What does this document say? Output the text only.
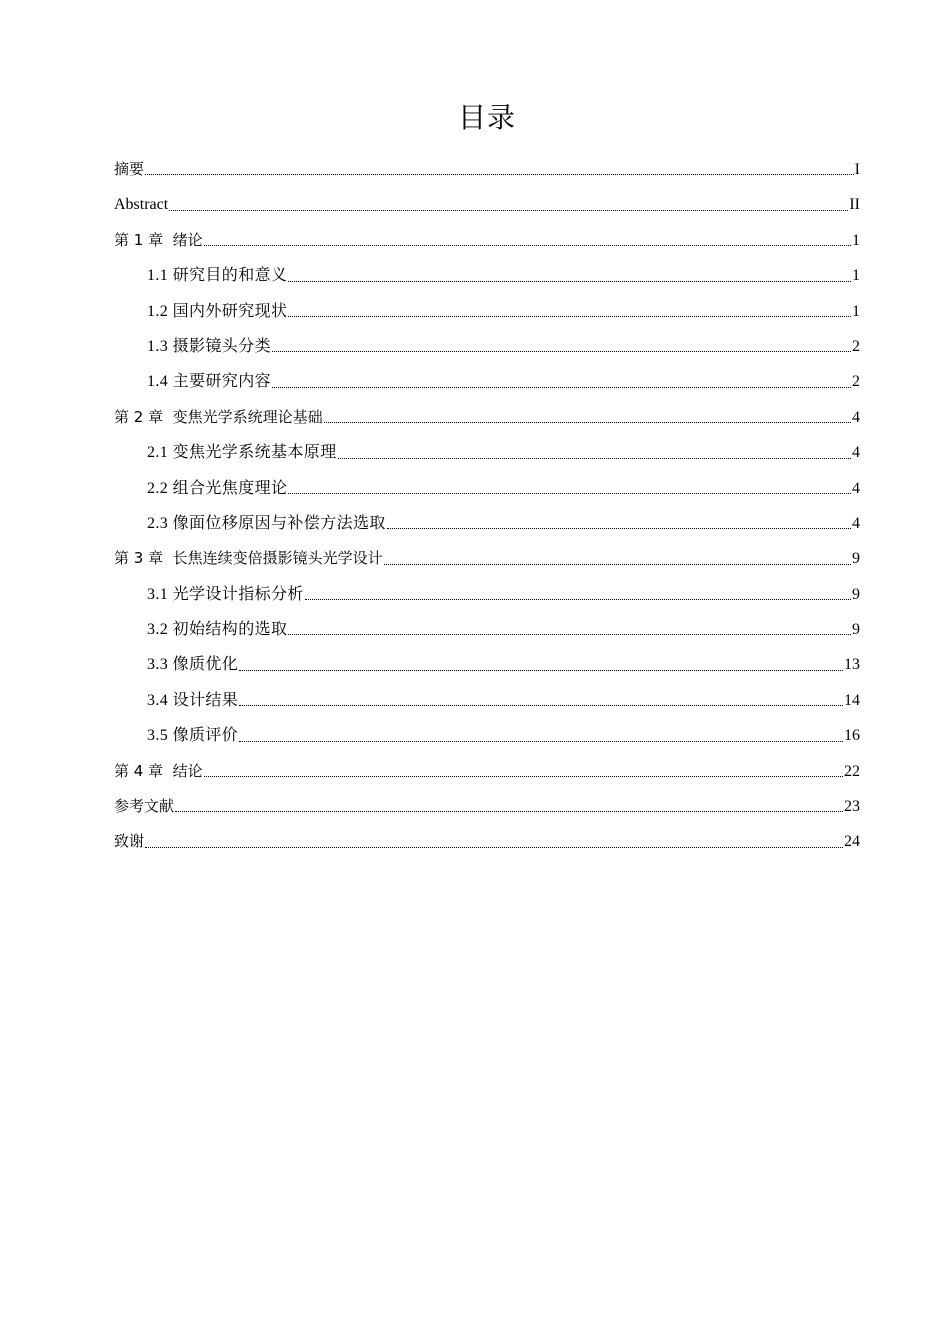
目录
摘要	I
Abstract	II
第 1 章  绪论	1
1.1 研究目的和意义	1
1.2 国内外研究现状	1
1.3 摄影镜头分类	2
1.4 主要研究内容	2
第 2 章  变焦光学系统理论基础	4
2.1 变焦光学系统基本原理	4
2.2 组合光焦度理论	4
2.3 像面位移原因与补偿方法选取	4
第 3 章  长焦连续变倍摄影镜头光学设计	9
3.1 光学设计指标分析	9
3.2 初始结构的选取	9
3.3 像质优化	13
3.4 设计结果	14
3.5 像质评价	16
第 4 章  结论	22
参考文献	23
致谢	24
